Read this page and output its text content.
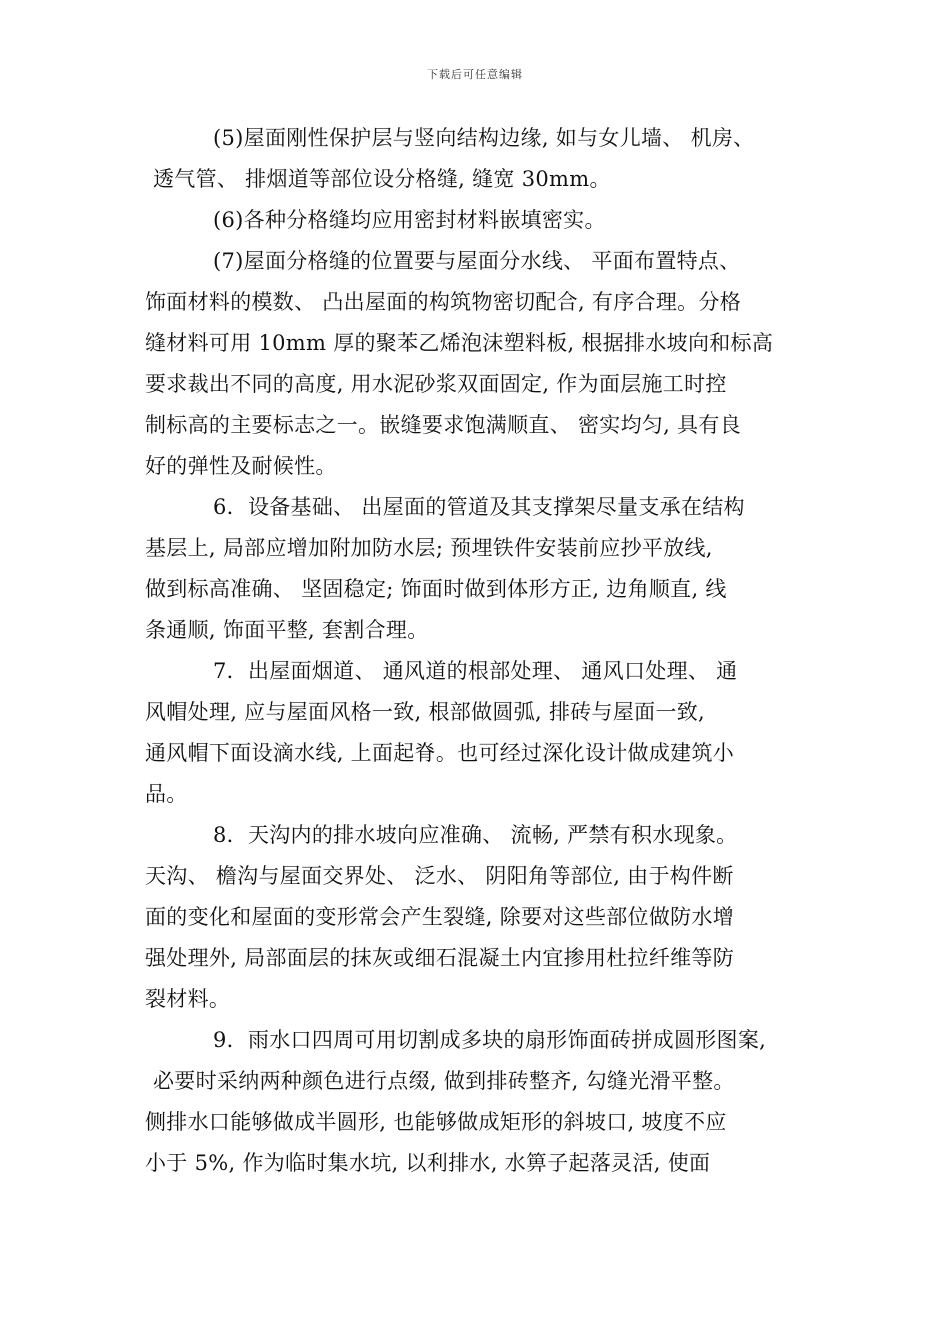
下载后可任意编辑
(5)屋面刚性保护层与竖向结构边缘, 如与女儿墙、 机房、
透气管、 排烟道等部位设分格缝, 缝宽 30mm。
(6)各种分格缝均应用密封材料嵌填密实。
(7)屋面分格缝的位置要与屋面分水线、 平面布置特点、
饰面材料的模数、 凸出屋面的构筑物密切配合, 有序合理。分格
缝材料可用 10mm 厚的聚苯乙烯泡沫塑料板, 根据排水坡向和标高
要求裁出不同的高度, 用水泥砂浆双面固定, 作为面层施工时控
制标高的主要标志之一。嵌缝要求饱满顺直、 密实均匀, 具有良
好的弹性及耐候性。
6．设备基础、 出屋面的管道及其支撑架尽量支承在结构
基层上, 局部应增加附加防水层; 预埋铁件安装前应抄平放线,
做到标高准确、 坚固稳定; 饰面时做到体形方正, 边角顺直, 线
条通顺, 饰面平整, 套割合理。
7．出屋面烟道、 通风道的根部处理、 通风口处理、 通
风帽处理, 应与屋面风格一致, 根部做圆弧, 排砖与屋面一致,
通风帽下面设滴水线, 上面起脊。也可经过深化设计做成建筑小
品。
8．天沟内的排水坡向应准确、 流畅, 严禁有积水现象。
天沟、 檐沟与屋面交界处、 泛水、 阴阳角等部位, 由于构件断
面的变化和屋面的变形常会产生裂缝, 除要对这些部位做防水增
强处理外, 局部面层的抹灰或细石混凝土内宜掺用杜拉纤维等防
裂材料。
9．雨水口四周可用切割成多块的扇形饰面砖拼成圆形图案,
必要时采纳两种颜色进行点缀, 做到排砖整齐, 勾缝光滑平整。
侧排水口能够做成半圆形, 也能够做成矩形的斜坡口, 坡度不应
小于 5%, 作为临时集水坑, 以利排水, 水箅子起落灵活, 使面
